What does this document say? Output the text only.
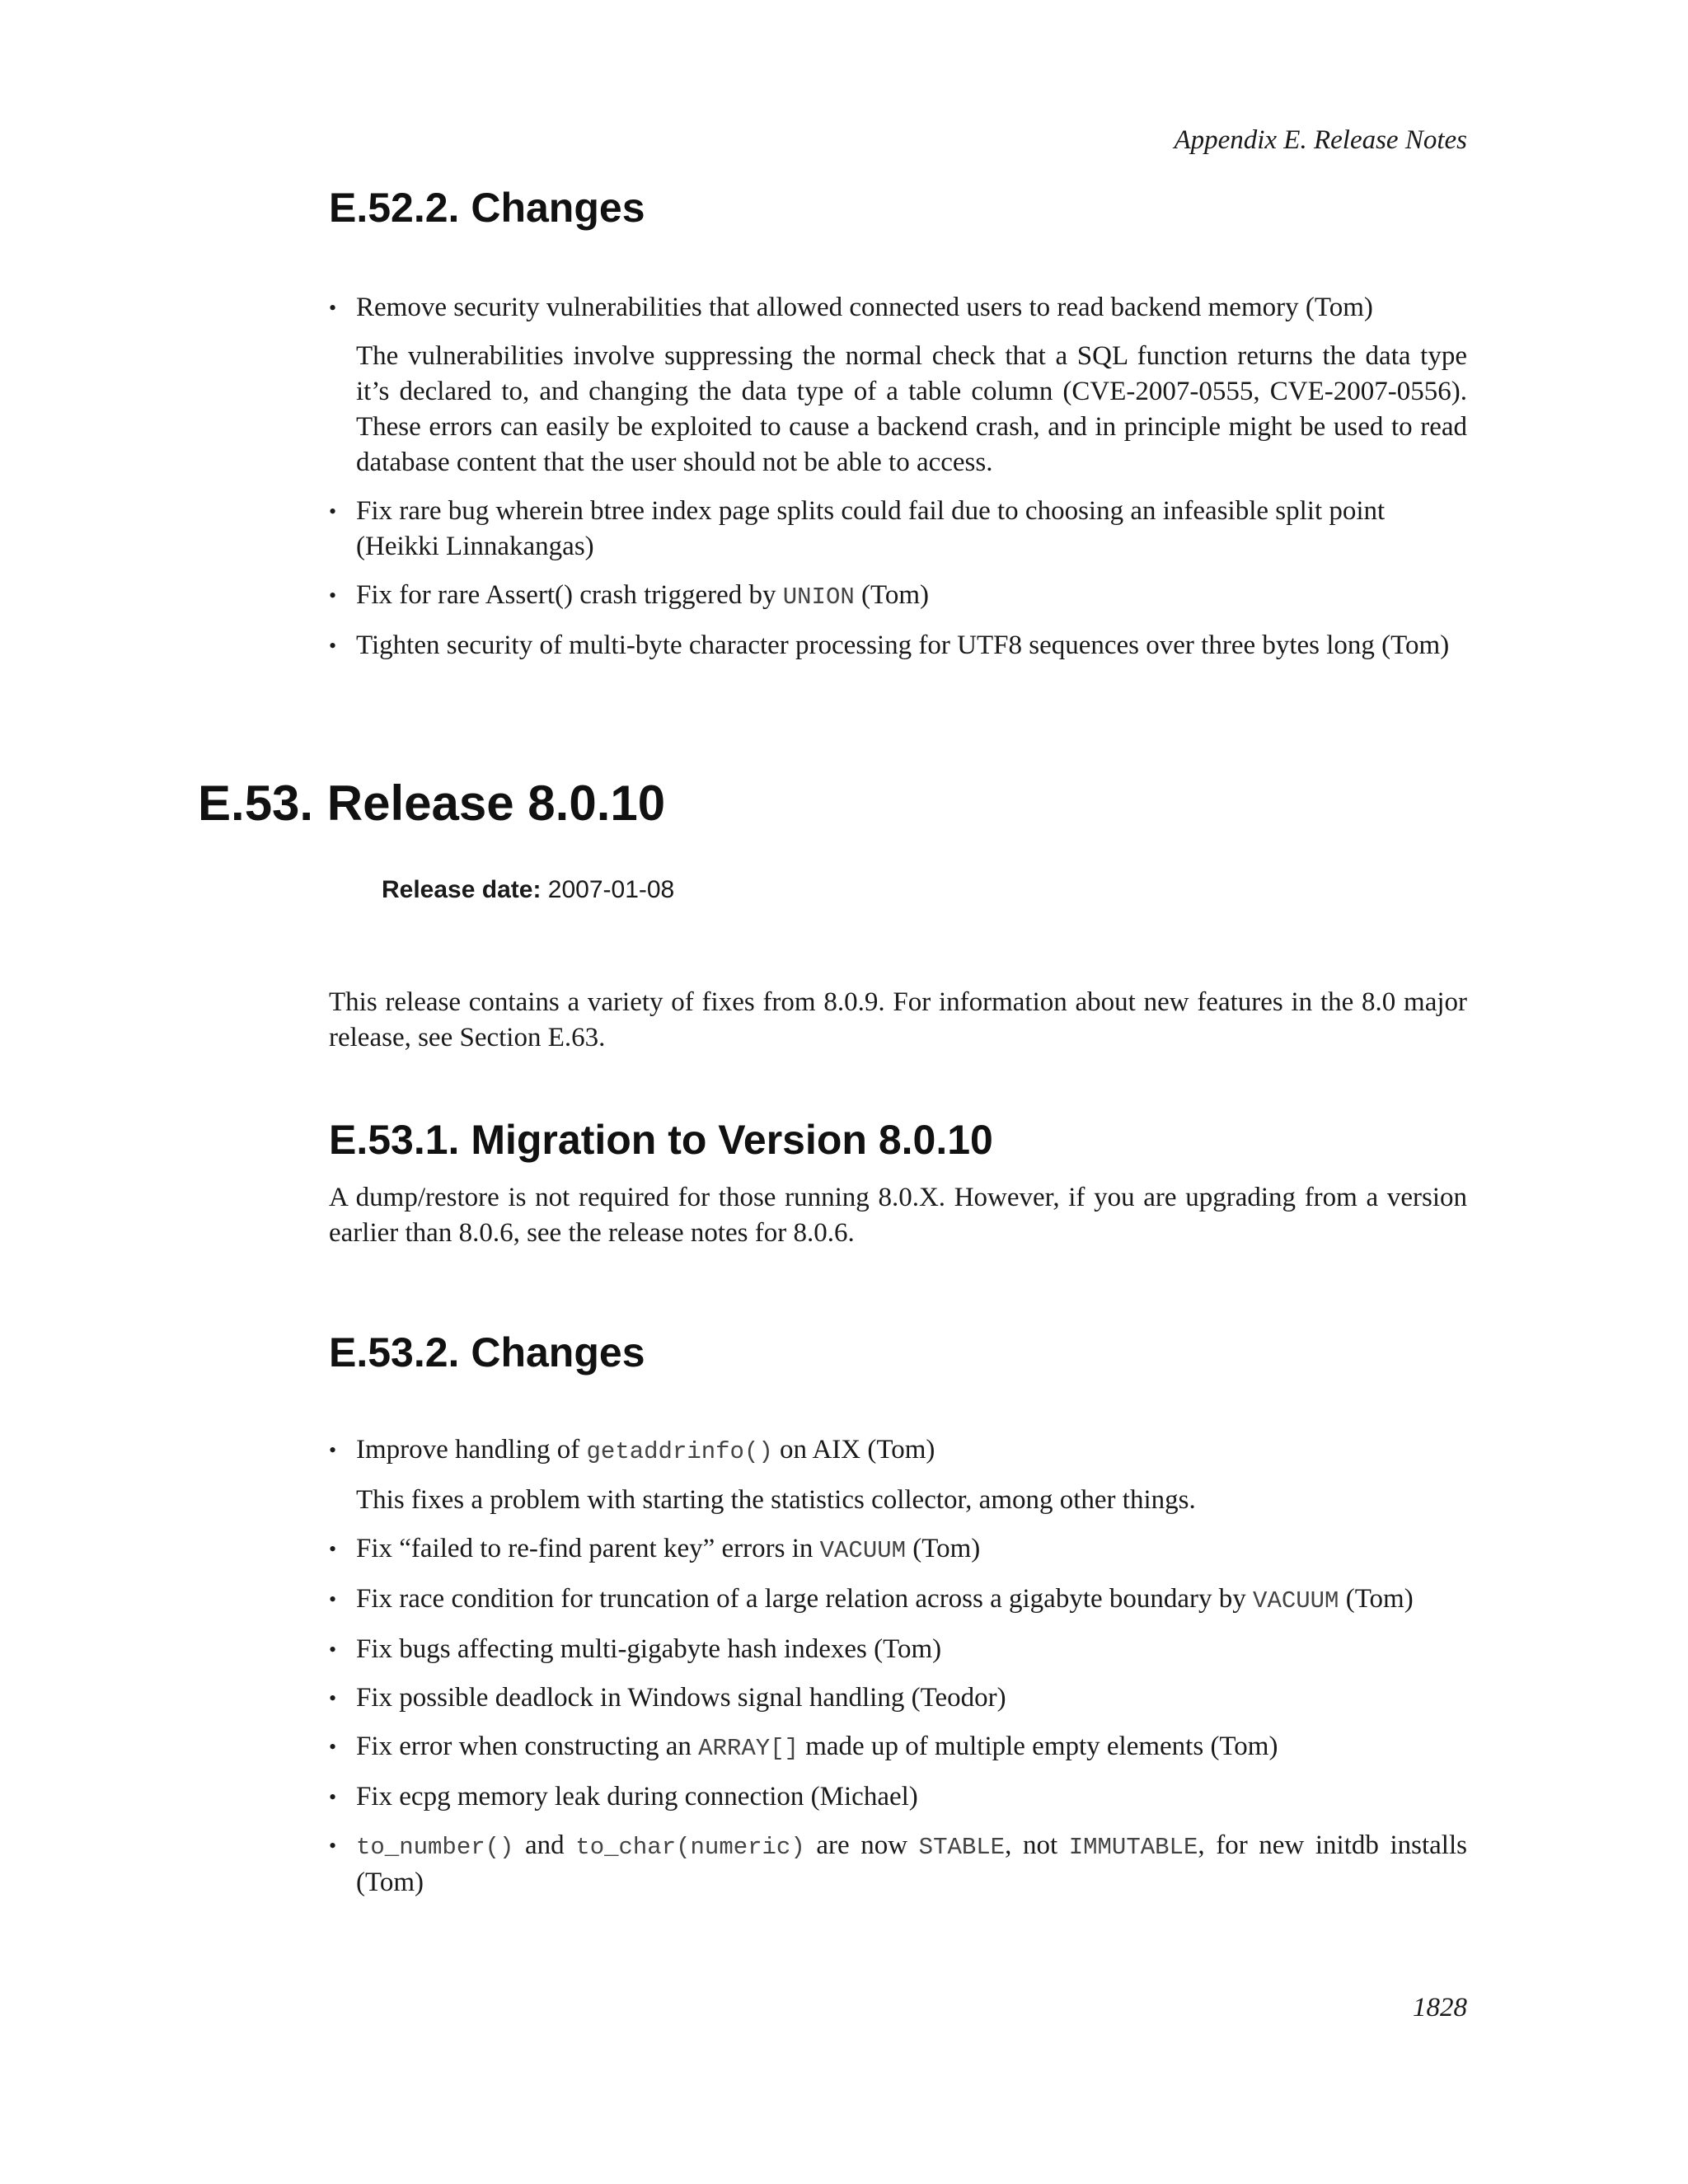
Appendix E. Release Notes
E.52.2. Changes
• Remove security vulnerabilities that allowed connected users to read backend memory (Tom)

The vulnerabilities involve suppressing the normal check that a SQL function returns the data type it’s declared to, and changing the data type of a table column (CVE-2007-0555, CVE-2007-0556). These errors can easily be exploited to cause a backend crash, and in principle might be used to read database content that the user should not be able to access.

• Fix rare bug wherein btree index page splits could fail due to choosing an infeasible split point (Heikki Linnakangas)
• Fix for rare Assert() crash triggered by UNION (Tom)
• Tighten security of multi-byte character processing for UTF8 sequences over three bytes long (Tom)
E.53. Release 8.0.10
Release date: 2007-01-08
This release contains a variety of fixes from 8.0.9. For information about new features in the 8.0 major release, see Section E.63.
E.53.1. Migration to Version 8.0.10
A dump/restore is not required for those running 8.0.X. However, if you are upgrading from a version earlier than 8.0.6, see the release notes for 8.0.6.
E.53.2. Changes
• Improve handling of getaddrinfo() on AIX (Tom)

This fixes a problem with starting the statistics collector, among other things.

• Fix “failed to re-find parent key” errors in VACUUM (Tom)
• Fix race condition for truncation of a large relation across a gigabyte boundary by VACUUM (Tom)
• Fix bugs affecting multi-gigabyte hash indexes (Tom)
• Fix possible deadlock in Windows signal handling (Teodor)
• Fix error when constructing an ARRAY[] made up of multiple empty elements (Tom)
• Fix ecpg memory leak during connection (Michael)
• to_number() and to_char(numeric) are now STABLE, not IMMUTABLE, for new initdb installs (Tom)
1828
